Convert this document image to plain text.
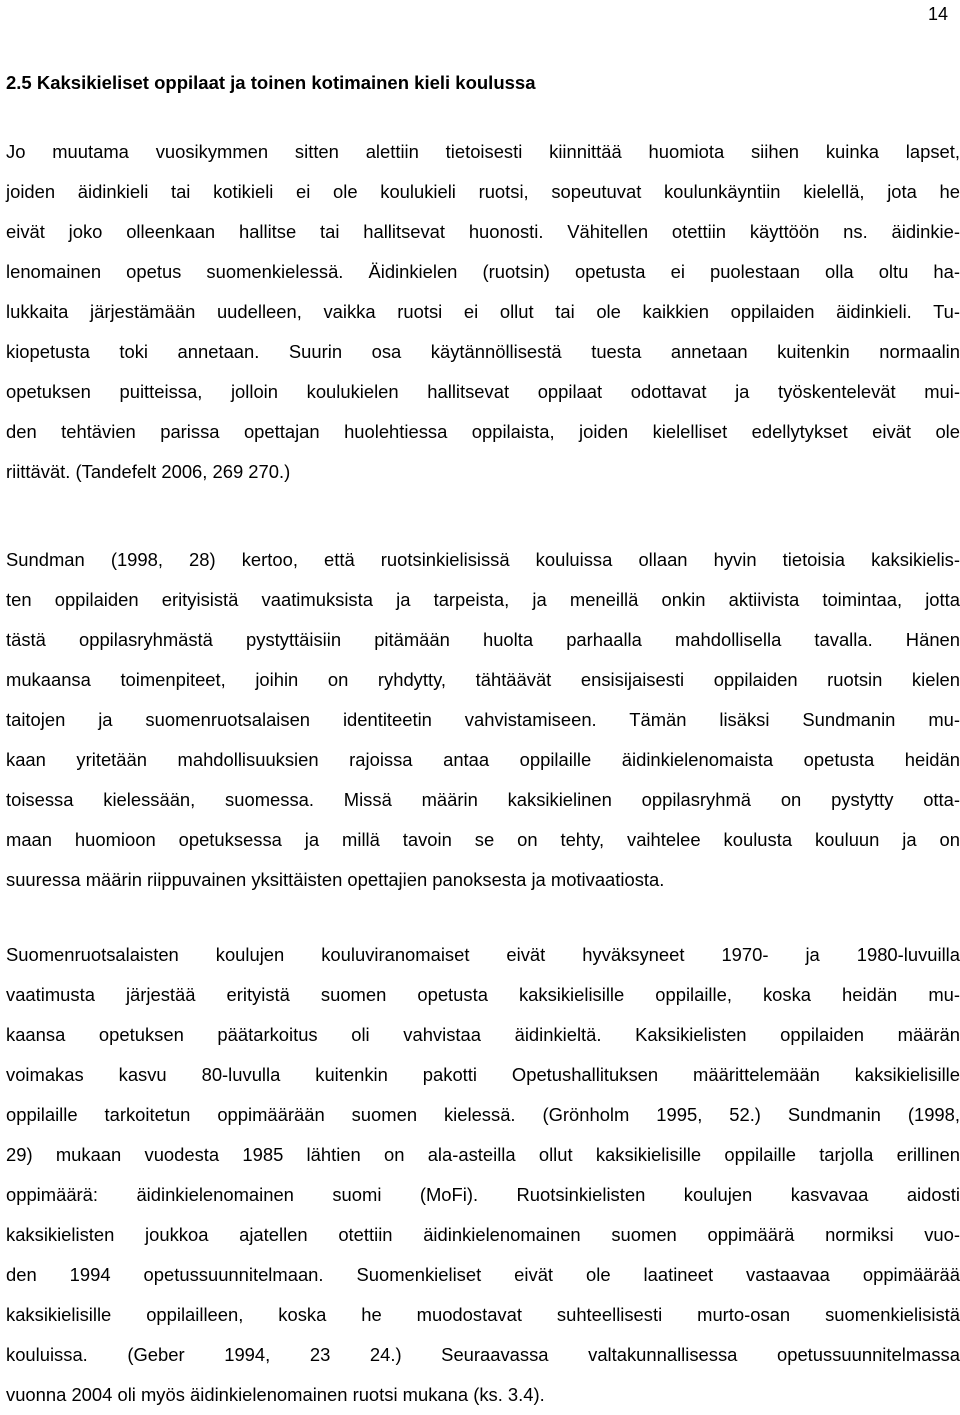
14
2.5 Kaksikieliset oppilaat ja toinen kotimainen kieli koulussa
Jo muutama vuosikymmen sitten alettiin tietoisesti kiinnittää huomiota siihen kuinka lapset,
joiden äidinkieli tai kotikieli ei ole koulukieli ruotsi, sopeutuvat koulunkäyntiin kielellä, jota he
eivät joko olleenkaan hallitse tai hallitsevat huonosti. Vähitellen otettiin käyttöön ns. äidinkie-
lenomainen opetus suomenkielessä. Äidinkielen (ruotsin) opetusta ei puolestaan olla oltu ha-
lukkaita järjestämään uudelleen, vaikka ruotsi ei ollut tai ole kaikkien oppilaiden äidinkieli. Tu-
kiopetusta toki annetaan. Suurin osa käytännöllisestä tuesta annetaan kuitenkin normaalin
opetuksen puitteissa, jolloin koulukielen hallitsevat oppilaat odottavat ja työskentelevät mui-
den tehtävien parissa opettajan huolehtiessa oppilaista, joiden kielelliset edellytykset eivät ole
riittävät. (Tandefelt 2006, 269 270.)
Sundman (1998, 28) kertoo, että ruotsinkielisissä kouluissa ollaan hyvin tietoisia kaksikielis-
ten oppilaiden erityisistä vaatimuksista ja tarpeista, ja meneillä onkin aktiivista toimintaa, jotta
tästä oppilasryhmästä pystyttäisiin pitämään huolta parhaalla mahdollisella tavalla. Hänen
mukaansa toimenpiteet, joihin on ryhdytty, tähtäävät ensisijaisesti oppilaiden ruotsin kielen
taitojen ja suomenruotsalaisen identiteetin vahvistamiseen. Tämän lisäksi Sundmanin mu-
kaan yritetään mahdollisuuksien rajoissa antaa oppilaille äidinkielenomaista opetusta heidän
toisessa kielessään, suomessa. Missä määrin kaksikielinen oppilasryhmä on pystytty otta-
maan huomioon opetuksessa ja millä tavoin se on tehty, vaihtelee koulusta kouluun ja on
suuressa määrin riippuvainen yksittäisten opettajien panoksesta ja motivaatiosta.
Suomenruotsalaisten koulujen kouluviranomaiset eivät hyväksyneet 1970- ja 1980-luvuilla
vaatimusta järjestää erityistä suomen opetusta kaksikielisille oppilaille, koska heidän mu-
kaansa opetuksen päätarkoitus oli vahvistaa äidinkieltä. Kaksikielisten oppilaiden määrän
voimakas kasvu 80-luvulla kuitenkin pakotti Opetushallituksen määrittelemään kaksikielisille
oppilaille tarkoitetun oppimäärään suomen kielessä. (Grönholm 1995, 52.) Sundmanin (1998,
29) mukaan vuodesta 1985 lähtien on ala-asteilla ollut kaksikielisille oppilaille tarjolla erillinen
oppimäärä: äidinkielenomainen suomi (MoFi). Ruotsinkielisten koulujen kasvavaa aidosti
kaksikielisten joukkoa ajatellen otettiin äidinkielenomainen suomen oppimäärä normiksi vuo-
den 1994 opetussuunnitelmaan. Suomenkieliset eivät ole laatineet vastaavaa oppimäärää
kaksikielisille oppilailleen, koska he muodostavat suhteellisesti murto-osan suomenkielisistä
kouluissa. (Geber 1994, 23 24.) Seuraavassa valtakunnallisessa opetussuunnitelmassa
vuonna 2004 oli myös äidinkielenomainen ruotsi mukana (ks. 3.4).
